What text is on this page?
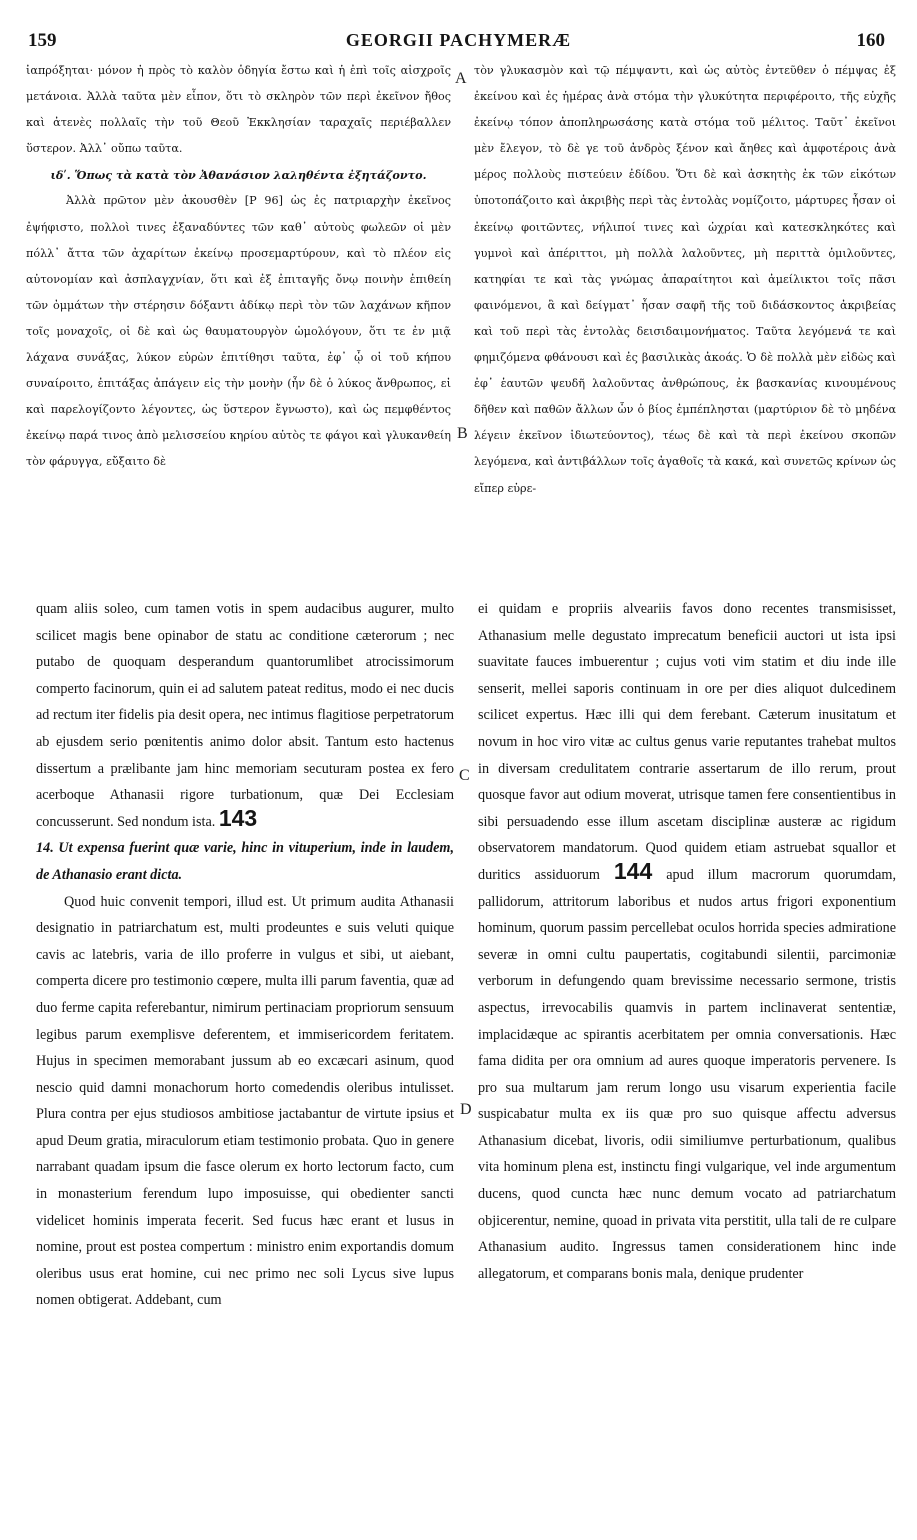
159	GEORGII PACHYMERÆ	160

ἰαπρόξηται· μόνον ἡ πρὸς τὸ καλὸν ὁδηγία ἔστω καὶ ἡ ἐπὶ τοῖς αἰσχροῖς μετάνοια. Ἀλλὰ ταῦτα μὲν εἶπον, ὅτι τὸ σκληρὸν τῶν περὶ ἐκεῖνον ἤθος καὶ ἀτενὲς πολλαῖς τὴν τοῦ Θεοῦ Ἐκκλησίαν ταραχαῖς περιέβαλλεν ὕστερον. Ἀλλ᾽ οὔπω ταῦτα.

ιδʹ. Ὅπως τὰ κατὰ τὸν Ἀθανάσιον λαληθέντα ἐξητάζοντο.

Ἀλλὰ πρῶτον μὲν ἀκουσθὲν [P 96] ὡς ἐς πατριαρχὴν ἐκεῖνος ἐψήφιστο, πολλοὶ τινες ἐξαναδύντες τῶν καθ᾽ αὐτοὺς φωλεῶν οἱ μὲν πόλλ᾽ ἄττα τῶν ἀχαρίτων ἐκείνῳ προσεμαρτύρουν, καὶ τὸ πλέον εἰς αὐτονομίαν καὶ ἀσπλαγχνίαν, ὅτι καὶ ἐξ ἐπιταγῆς ὄνῳ ποινὴν ἐπιθείη τῶν ὀμμάτων τὴν στέρησιν δόξαντι ἀδίκῳ περὶ τὸν τῶν λαχάνων κῆπον τοῖς μοναχοῖς, οἱ δὲ καὶ ὡς θαυματουργὸν ὡμολόγουν, ὅτι τε ἐν μιᾷ λάχανα συνάξας, λύκον εὑρὼν ἐπιτίθησι ταῦτα, ἐφ᾽ ᾧ οἱ τοῦ κήπου συναίροιτο, ἐπιτάξας ἀπάγειν εἰς τὴν μονὴν (ἦν δὲ ὁ λύκος ἄνθρωπος, εἰ καὶ παρελογίζοντο λέγοντες, ὡς ὕστερον ἔγνωστο), καὶ ὡς πεμφθέντος ἐκείνῳ παρά τινος ἀπὸ μελισσείου κηρίου αὐτὸς τε φάγοι καὶ γλυκανθείη τὸν φάρυγγα, εὔξαιτο δὲ

τὸν γλυκασμὸν καὶ τῷ πέμψαντι, καὶ ὡς αὐτὸς ἐντεῦθεν ὁ πέμψας ἐξ ἐκείνου καὶ ἐς ἡμέρας ἀνὰ στόμα τὴν γλυκύτητα περιφέροιτο, τῆς εὐχῆς ἐκείνῳ τόπον ἀποπληρωσάσης κατὰ στόμα τοῦ μέλιτος. Ταῦτ᾽ ἐκεῖνοι μὲν ἔλεγον, τὸ δὲ γε τοῦ ἀνδρὸς ξένον καὶ ἄηθες καὶ ἀμφοτέροις ἀνὰ μέρος πολλοὺς πιστεύειν ἐδίδου. Ὅτι δὲ καὶ ἀσκητὴς ἐκ τῶν εἰκότων ὑποτοπάζοιτο καὶ ἀκριβὴς περὶ τὰς ἐντολὰς νομίζοιτο, μάρτυρες ἦσαν οἱ ἐκείνῳ φοιτῶντες, νήλιποί τινες καὶ ὠχρίαι καὶ κατεσκληκότες καὶ γυμνοὶ καὶ ἀπέριττοι, μὴ πολλὰ λαλοῦντες, μὴ περιττὰ ὁμιλοῦντες, κατηφίαι τε καὶ τὰς γνώμας ἀπαραίτητοι καὶ ἀμείλικτοι τοῖς πᾶσι φαινόμενοι, ἃ καὶ δείγματ᾽ ἦσαν σαφῆ τῆς τοῦ διδάσκοντος ἀκριβείας καὶ τοῦ περὶ τὰς ἐντολὰς δεισιδαιμονήματος. Ταῦτα λεγόμενά τε καὶ φημιζόμενα φθάνουσι καὶ ἐς βασιλικὰς ἀκοάς. Ὁ δὲ πολλὰ μὲν εἰδὼς καὶ ἐφ᾽ ἑαυτῶν ψευδῆ λαλοῦντας ἀνθρώπους, ἐκ βασκανίας κινουμένους δῆθεν καὶ παθῶν ἄλλων ὧν ὁ βίος ἐμπέπλησται (μαρτύριον δὲ τὸ μηδένα λέγειν ἐκεῖνον ἰδιωτεύοντος), τέως δὲ καὶ τὰ περὶ ἐκείνου σκοπῶν λεγόμενα, καὶ ἀντιβάλλων τοῖς ἀγαθοῖς τὰ κακά, καὶ συνετῶς κρίνων ὡς εἴπερ εὑρε-

A
B
C
D

quam aliis soleo, cum tamen votis in spem audacibus augurer, multo scilicet magis bene opinabor de statu ac conditione cæterorum ; nec putabo de quoquam desperandum quantorumlibet atrocissimorum comperto facinorum, quin ei ad salutem pateat reditus, modo ei nec ducis ad rectum iter fidelis pia desit opera, nec intimus flagitiose perpetratorum ab ejusdem serio pœnitentis animo dolor absit. Tantum esto hactenus dissertum a prælibante jam hinc memoriam secuturam postea ex fero acerboque Athanasii rigore turbationum, quæ Dei Ecclesiam concusserunt. Sed nondum ista. 143

14. Ut expensa fuerint quæ varie, hinc in vituperium, inde in laudem, de Athanasio erant dicta.

Quod huic convenit tempori, illud est. Ut primum audita Athanasii designatio in patriarchatum est, multi prodeuntes e suis veluti quique cavis ac latebris, varia de illo proferre in vulgus et sibi, ut aiebant, comperta dicere pro testimonio cœpere, multa illi parum faventia, quæ ad duo ferme capita referebantur, nimirum pertinaciam propriorum sensuum legibus parum exemplisve deferentem, et immisericordem feritatem. Hujus in specimen memorabant jussum ab eo excæcari asinum, quod nescio quid damni monachorum horto comedendis oleribus intulisset. Plura contra per ejus studiosos ambitiose jactabantur de virtute ipsius et apud Deum gratia, miraculorum etiam testimonio probata. Quo in genere narrabant quadam ipsum die fasce olerum ex horto lectorum facto, cum in monasterium ferendum lupo imposuisse, qui obedienter sancti videlicet hominis imperata fecerit. Sed fucus hæc erant et lusus in nomine, prout est postea compertum : ministro enim exportandis domum oleribus usus erat homine, cui nec primo nec soli Lycus sive lupus nomen obtigerat. Addebant, cum

ei quidam e propriis alveariis favos dono recentes transmisisset, Athanasium melle degustato imprecatum beneficii auctori ut ista ipsi suavitate fauces imbuerentur ; cujus voti vim statim et diu inde ille senserit, mellei saporis continuam in ore per dies aliquot dulcedinem scilicet expertus. Hæc illi qui dem ferebant. Cæterum inusitatum et novum in hoc viro vitæ ac cultus genus varie reputantes trahebat multos in diversam credulitatem contrarie assertarum de illo rerum, prout quosque favor aut odium moverat, utrisque tamen fere consentientibus in sibi persuadendo esse illum ascetam disciplinæ austeræ ac rigidum observatorem mandatorum. Quod quidem etiam astruebat squallor et duritics assiduorum 144 apud illum macrorum quorumdam, pallidorum, attritorum laboribus et nudos artus frigori exponentium hominum, quorum passim percellebat oculos horrida species admiratione severæ in omni cultu paupertatis, cogitabundi silentii, parcimoniæ verborum in defungendo quam brevissime necessario sermone, tristis aspectus, irrevocabilis quamvis in partem inclinaverat sententiæ, implacidæque ac spirantis acerbitatem per omnia conversationis. Hæc fama didita per ora omnium ad aures quoque imperatoris pervenere. Is pro sua multarum jam rerum longo usu visarum experientia facile suspicabatur multa ex iis quæ pro suo quisque affectu adversus Athanasium dicebat, livoris, odii similiumve perturbationum, qualibus vita hominum plena est, instinctu fingi vulgarique, vel inde argumentum ducens, quod cuncta hæc nunc demum vocato ad patriarchatum objicerentur, nemine, quoad in privata vita perstitit, ulla tali de re culpare Athanasium audito. Ingressus tamen considerationem hinc inde allegatorum, et comparans bonis mala, denique prudenter
